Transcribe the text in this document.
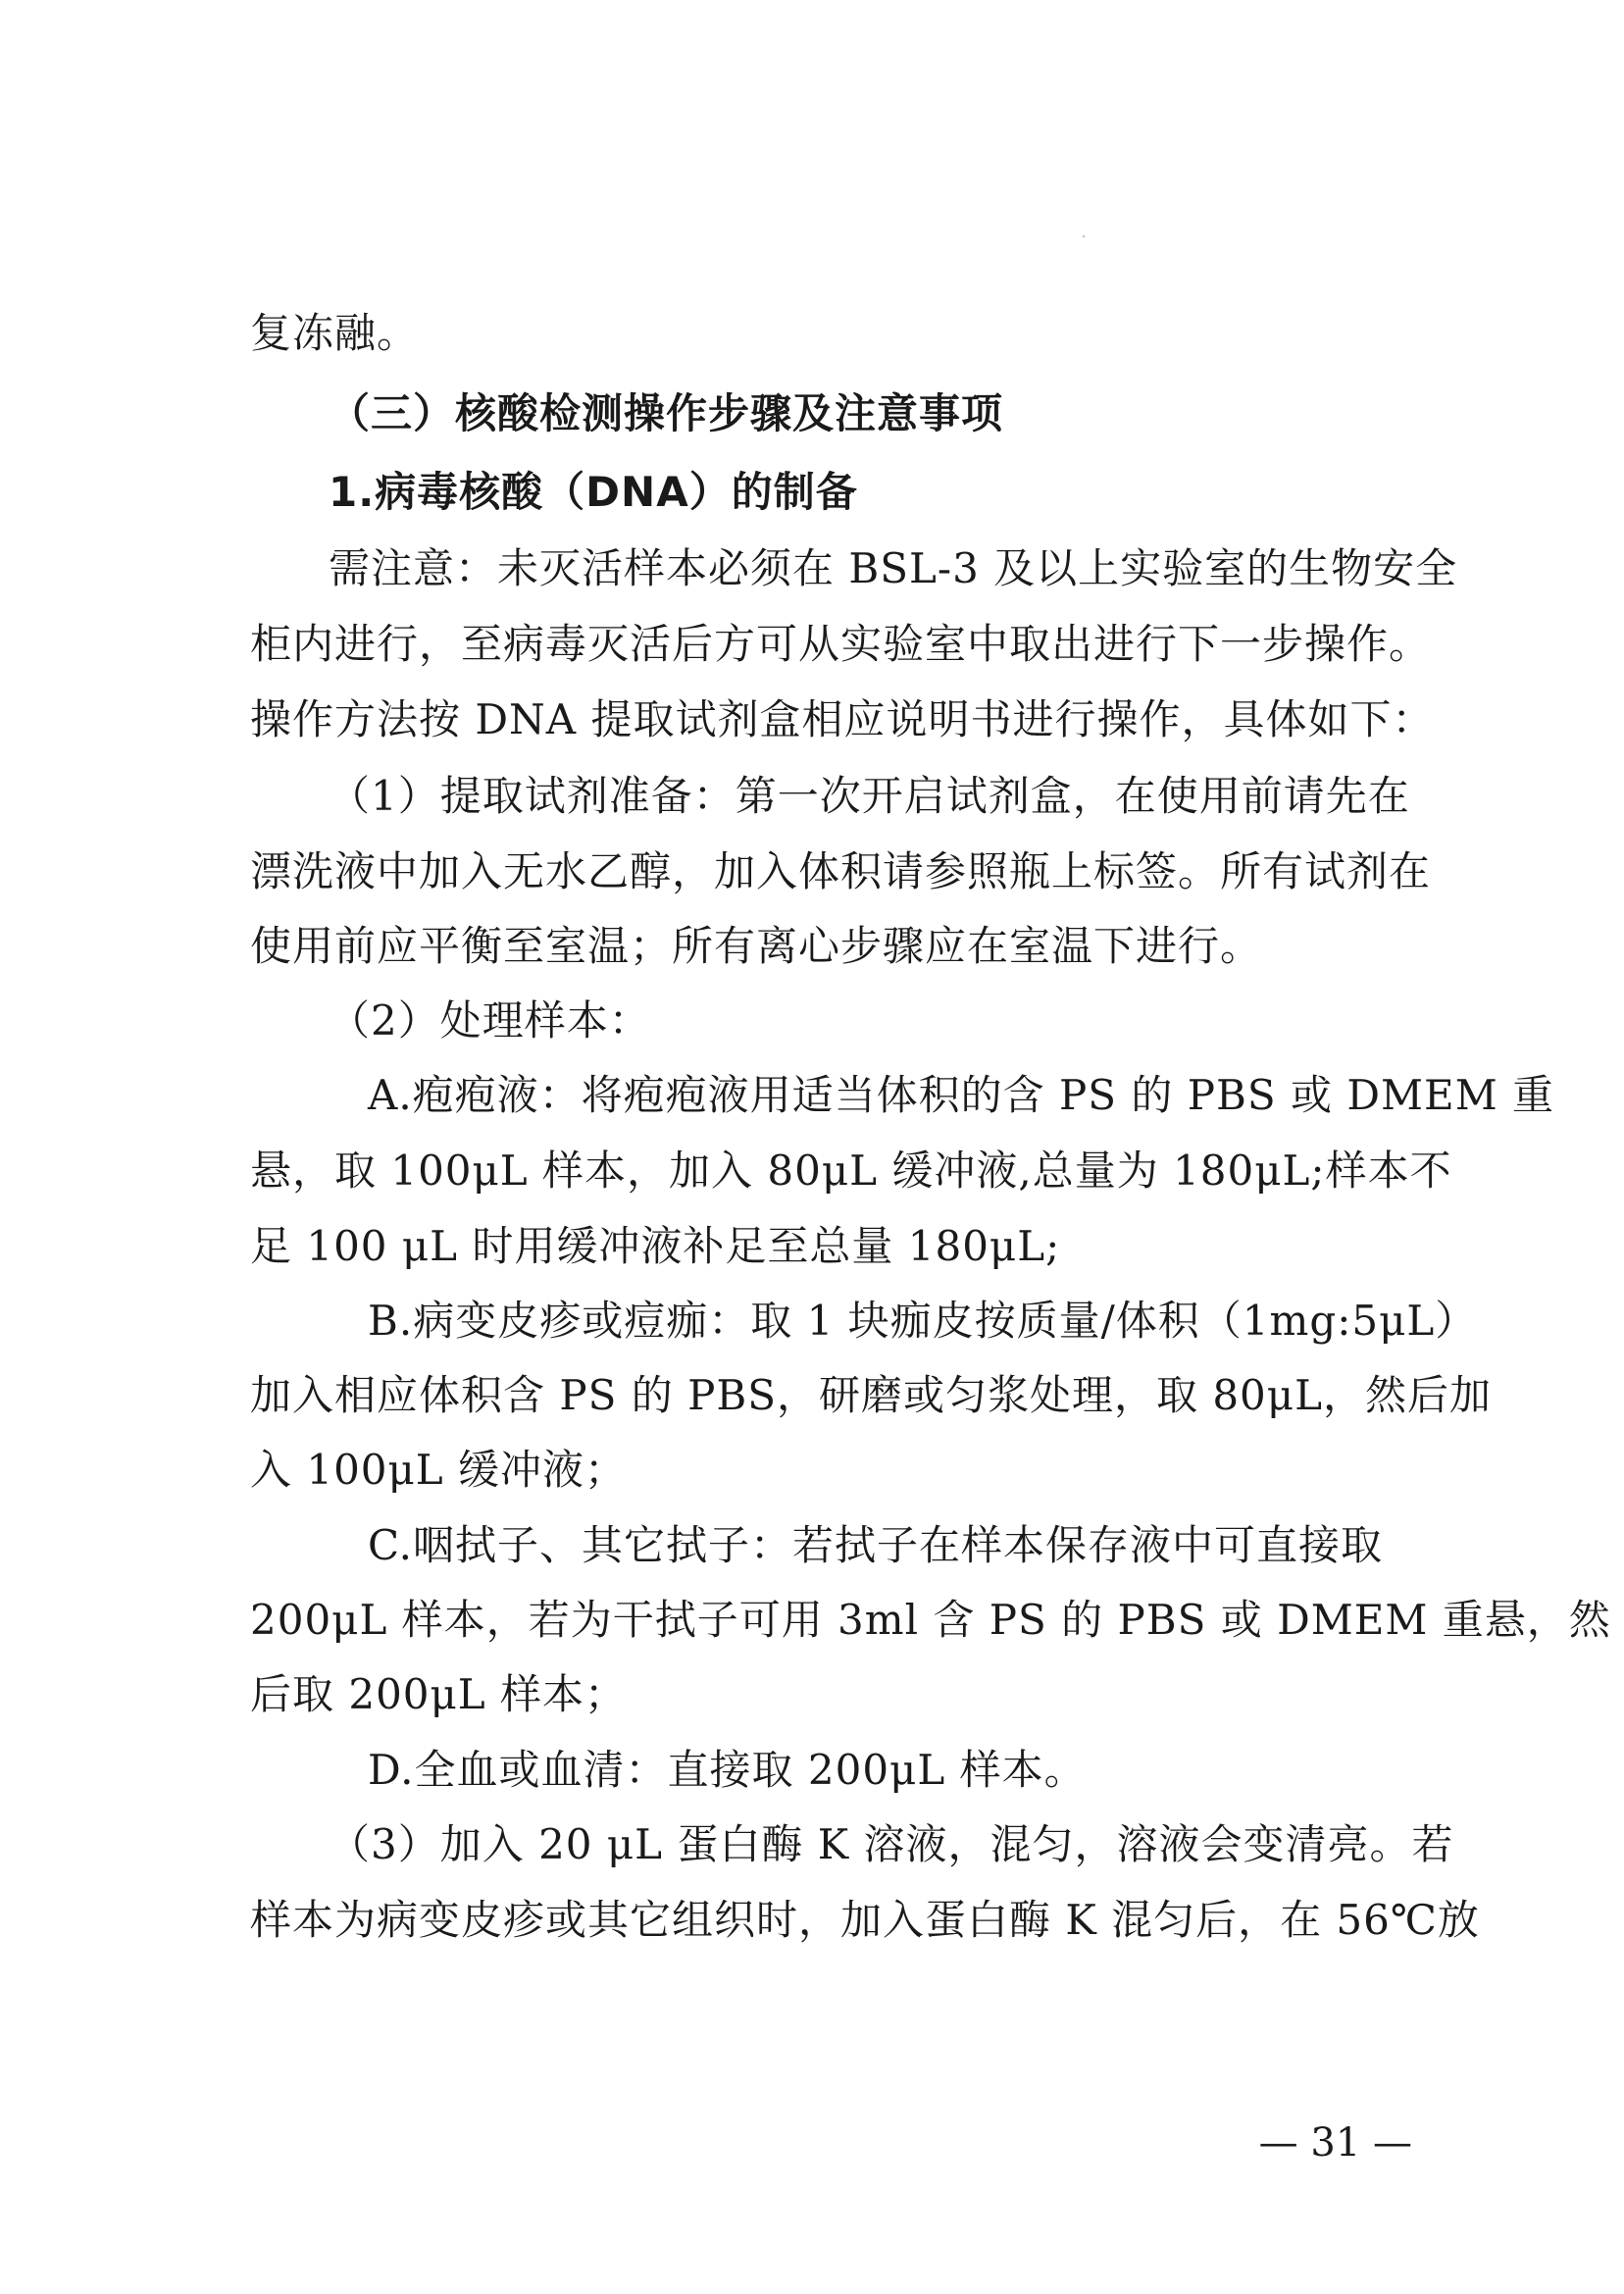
复冻融。
（三）核酸检测操作步骤及注意事项
1.病毒核酸（DNA）的制备
需注意：未灭活样本必须在 BSL-3 及以上实验室的生物安全
柜内进行，至病毒灭活后方可从实验室中取出进行下一步操作。
操作方法按 DNA 提取试剂盒相应说明书进行操作，具体如下：
（1）提取试剂准备：第一次开启试剂盒，在使用前请先在
漂洗液中加入无水乙醇，加入体积请参照瓶上标签。所有试剂在
使用前应平衡至室温；所有离心步骤应在室温下进行。
（2）处理样本：
A.疱疱液：将疱疱液用适当体积的含 PS 的 PBS 或 DMEM 重
悬，取 100μL 样本，加入 80μL 缓冲液,总量为 180μL;样本不
足 100 μL 时用缓冲液补足至总量 180μL;
B.病变皮疹或痘痂：取 1 块痂皮按质量/体积（1mg:5μL）
加入相应体积含 PS 的 PBS，研磨或匀浆处理，取 80μL，然后加
入 100μL 缓冲液；
C.咽拭子、其它拭子：若拭子在样本保存液中可直接取
200μL 样本，若为干拭子可用 3ml 含 PS 的 PBS 或 DMEM 重悬，然
后取 200μL 样本；
D.全血或血清：直接取 200μL 样本。
（3）加入 20 μL 蛋白酶 K 溶液，混匀，溶液会变清亮。若
样本为病变皮疹或其它组织时，加入蛋白酶 K 混匀后，在 56℃放
— 31 —
